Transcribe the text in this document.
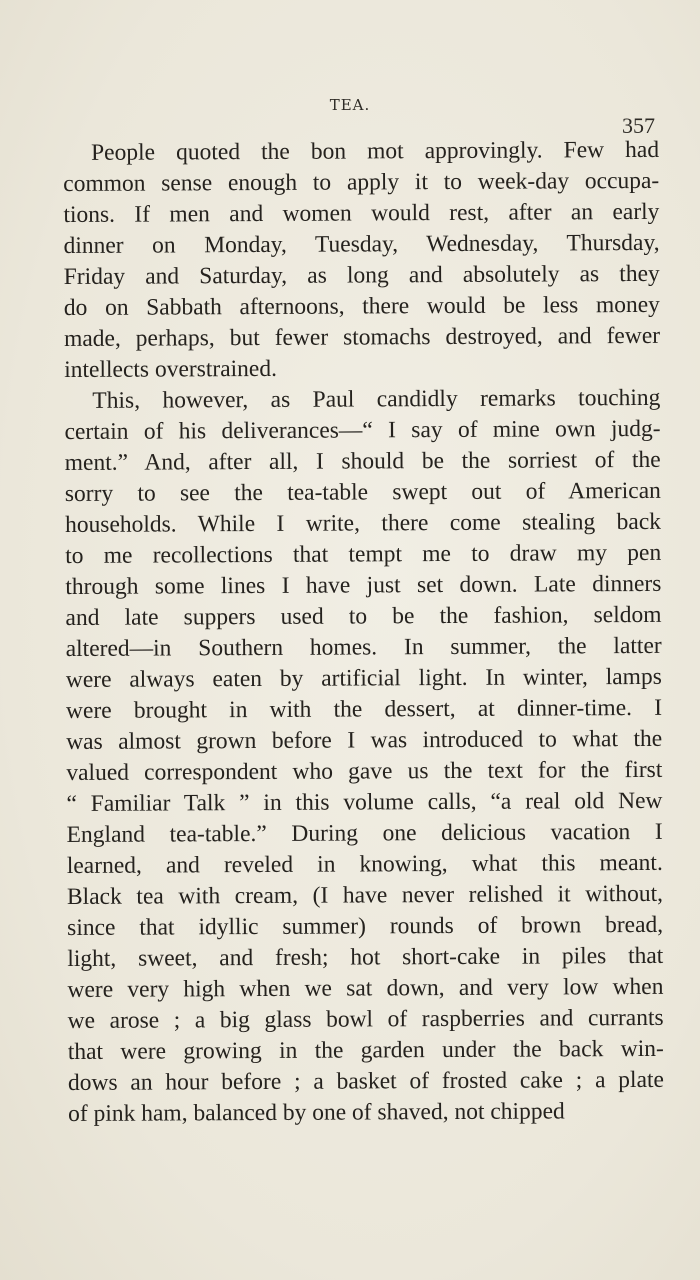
TEA.
357
People quoted the bon mot approvingly. Few had
common sense enough to apply it to week-day occupa-
tions. If men and women would rest, after an early
dinner on Monday, Tuesday, Wednesday, Thursday,
Friday and Saturday, as long and absolutely as they
do on Sabbath afternoons, there would be less money
made, perhaps, but fewer stomachs destroyed, and fewer
intellects overstrained.
This, however, as Paul candidly remarks touching
certain of his deliverances—“ I say of mine own judg-
ment.” And, after all, I should be the sorriest of the
sorry to see the tea-table swept out of American
households. While I write, there come stealing back
to me recollections that tempt me to draw my pen
through some lines I have just set down. Late dinners
and late suppers used to be the fashion, seldom
altered—in Southern homes. In summer, the latter
were always eaten by artificial light. In winter, lamps
were brought in with the dessert, at dinner-time. I
was almost grown before I was introduced to what the
valued correspondent who gave us the text for the first
“ Familiar Talk ” in this volume calls, “a real old New
England tea-table.” During one delicious vacation I
learned, and reveled in knowing, what this meant.
Black tea with cream, (I have never relished it without,
since that idyllic summer) rounds of brown bread,
light, sweet, and fresh; hot short-cake in piles that
were very high when we sat down, and very low when
we arose ; a big glass bowl of raspberries and currants
that were growing in the garden under the back win-
dows an hour before ; a basket of frosted cake ; a plate
of pink ham, balanced by one of shaved, not chipped
